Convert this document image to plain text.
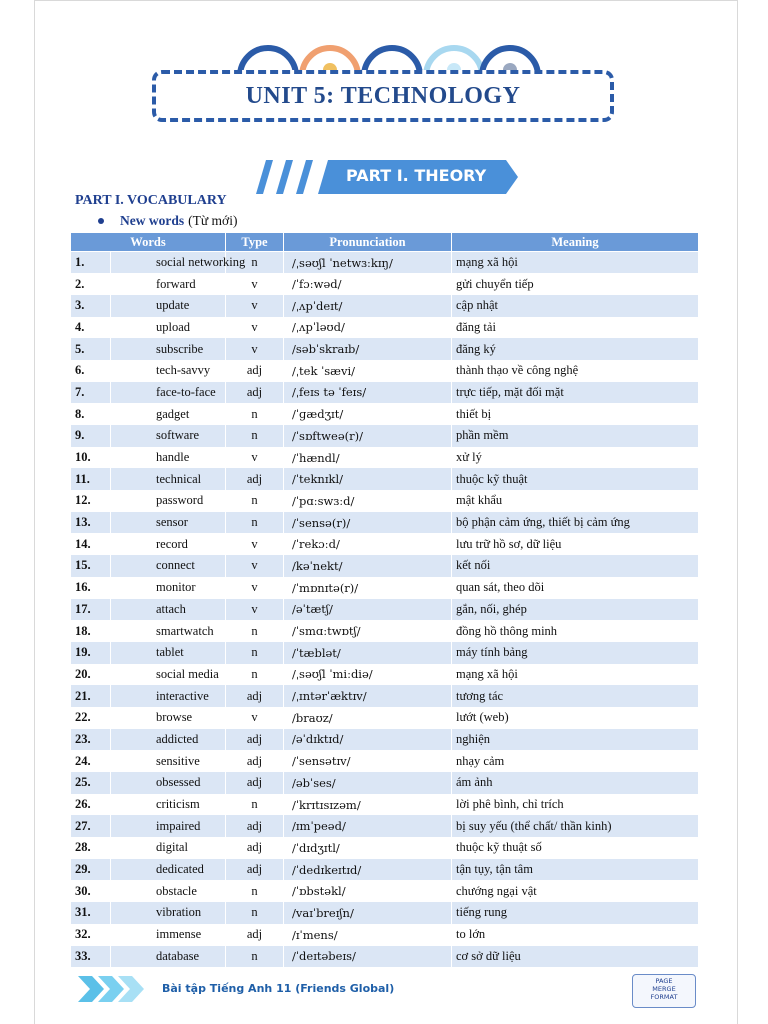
UNIT 5: TECHNOLOGY
PART I. THEORY
PART I. VOCABULARY
New words (Từ mới)
Words		Type	Pronunciation	Meaning
1.	social networking	n	/ˌsəʊʃl ˈnetwɜːkɪŋ/	mạng xã hội
2.	forward	v	/ˈfɔːwəd/	gửi chuyển tiếp
3.	update	v	/ˌʌpˈdeɪt/	cập nhật
4.	upload	v	/ˌʌpˈləʊd/	đăng tải
5.	subscribe	v	/səbˈskraɪb/	đăng ký
6.	tech-savvy	adj	/ˌtek ˈsævi/	thành thạo về công nghệ
7.	face-to-face	adj	/ˌfeɪs tə ˈfeɪs/	trực tiếp, mặt đối mặt
8.	gadget	n	/ˈɡædʒɪt/	thiết bị
9.	software	n	/ˈsɒftweə(r)/	phần mềm
10.	handle	v	/ˈhændl/	xử lý
11.	technical	adj	/ˈteknɪkl/	thuộc kỹ thuật
12.	password	n	/ˈpɑːswɜːd/	mật khẩu
13.	sensor	n	/ˈsensə(r)/	bộ phận cảm ứng, thiết bị cảm ứng
14.	record	v	/ˈrekɔːd/	lưu trữ hồ sơ, dữ liệu
15.	connect	v	/kəˈnekt/	kết nối
16.	monitor	v	/ˈmɒnɪtə(r)/	quan sát, theo dõi
17.	attach	v	/əˈtætʃ/	gắn, nối, ghép
18.	smartwatch	n	/ˈsmɑːtwɒtʃ/	đồng hồ thông minh
19.	tablet	n	/ˈtæblət/	máy tính bảng
20.	social media	n	/ˌsəʊʃl ˈmiːdiə/	mạng xã hội
21.	interactive	adj	/ˌɪntərˈæktɪv/	tương tác
22.	browse	v	/braʊz/	lướt (web)
23.	addicted	adj	/əˈdɪktɪd/	nghiện
24.	sensitive	adj	/ˈsensətɪv/	nhạy cảm
25.	obsessed	adj	/əbˈses/	ám ảnh
26.	criticism	n	/ˈkrɪtɪsɪzəm/	lời phê bình, chỉ trích
27.	impaired	adj	/ɪmˈpeəd/	bị suy yếu (thể chất/ thần kinh)
28.	digital	adj	/ˈdɪdʒɪtl/	thuộc kỹ thuật số
29.	dedicated	adj	/ˈdedɪkeɪtɪd/	tận tụy, tận tâm
30.	obstacle	n	/ˈɒbstəkl/	chướng ngại vật
31.	vibration	n	/vaɪˈbreɪʃn/	tiếng rung
32.	immense	adj	/ɪˈmens/	to lớn
33.	database	n	/ˈdeɪtəbeɪs/	cơ sở dữ liệu
Bài tập Tiếng Anh 11 (Friends Global)
PAGE
MERGE
FORMAT
